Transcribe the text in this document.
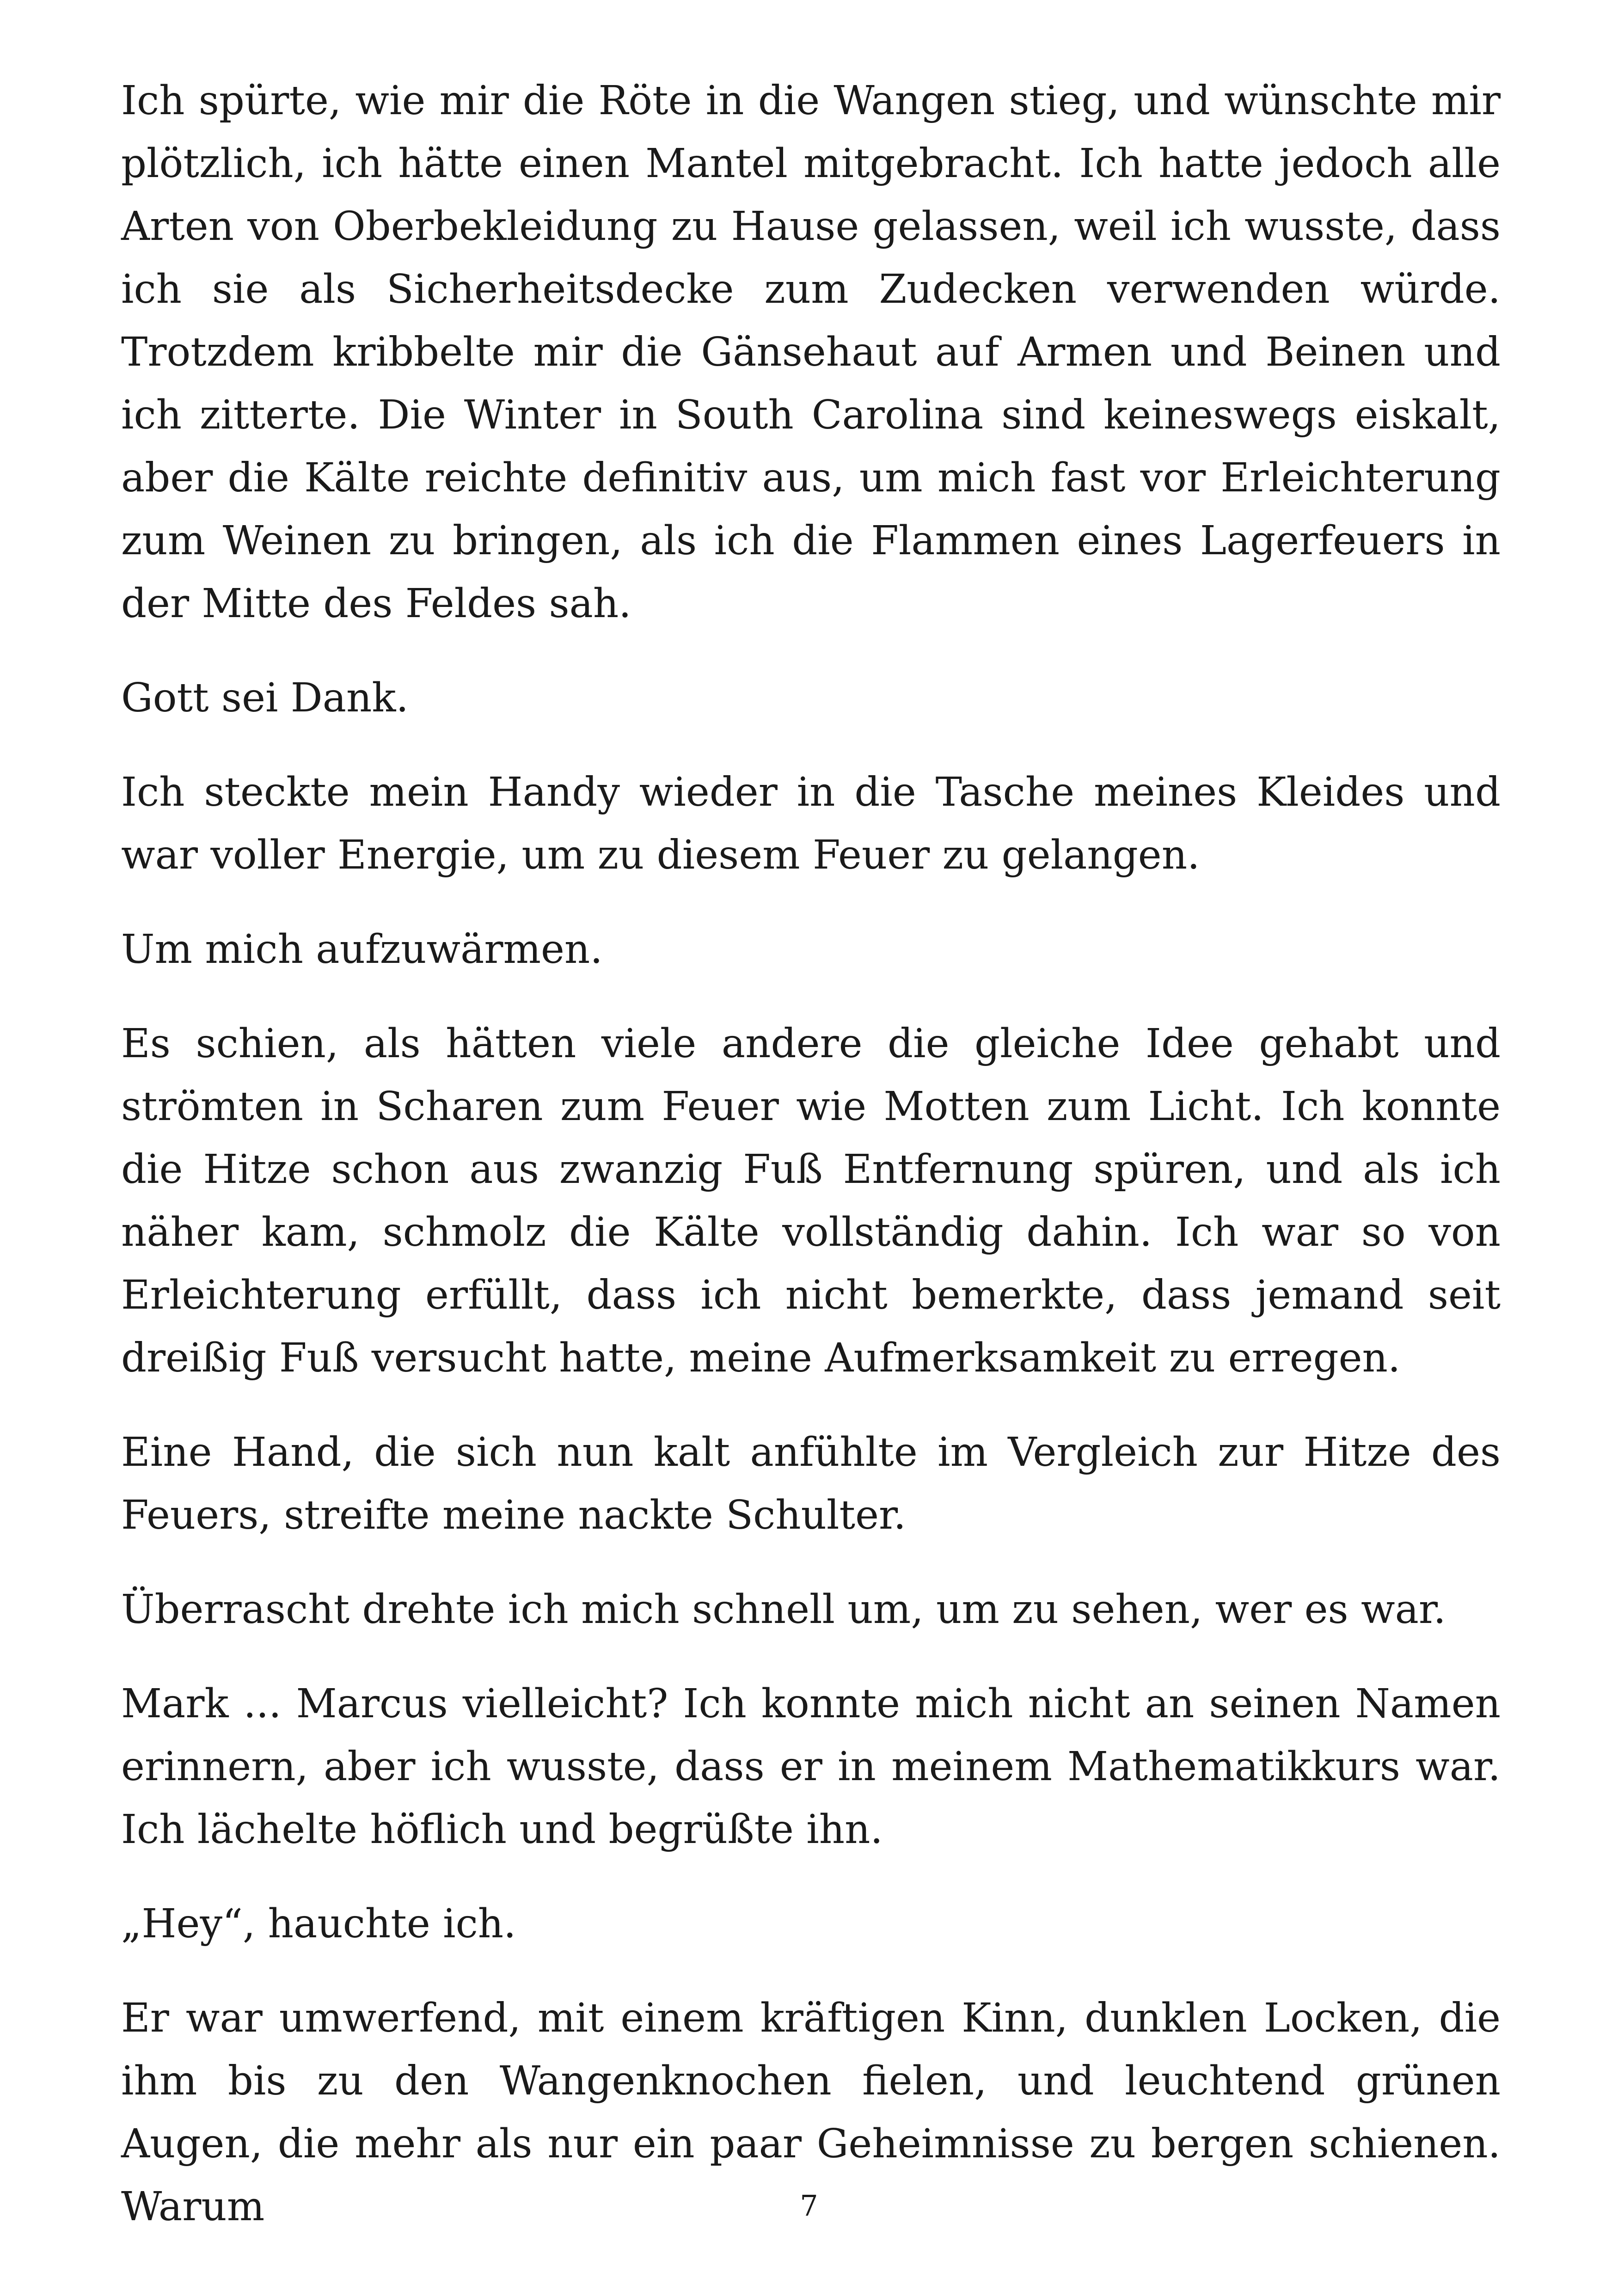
Ich spürte, wie mir die Röte in die Wangen stieg, und wünschte mir plötzlich, ich hätte einen Mantel mitgebracht. Ich hatte jedoch alle Arten von Oberbekleidung zu Hause gelassen, weil ich wusste, dass ich sie als Sicherheitsdecke zum Zudecken verwenden würde. Trotzdem kribbelte mir die Gänsehaut auf Armen und Beinen und ich zitterte. Die Winter in South Carolina sind keineswegs eiskalt, aber die Kälte reichte definitiv aus, um mich fast vor Erleichterung zum Weinen zu bringen, als ich die Flammen eines Lagerfeuers in der Mitte des Feldes sah.

Gott sei Dank.

Ich steckte mein Handy wieder in die Tasche meines Kleides und war voller Energie, um zu diesem Feuer zu gelangen.

Um mich aufzuwärmen.

Es schien, als hätten viele andere die gleiche Idee gehabt und strömten in Scharen zum Feuer wie Motten zum Licht. Ich konnte die Hitze schon aus zwanzig Fuß Entfernung spüren, und als ich näher kam, schmolz die Kälte vollständig dahin. Ich war so von Erleichterung erfüllt, dass ich nicht bemerkte, dass jemand seit dreißig Fuß versucht hatte, meine Aufmerksamkeit zu erregen.

Eine Hand, die sich nun kalt anfühlte im Vergleich zur Hitze des Feuers, streifte meine nackte Schulter.

Überrascht drehte ich mich schnell um, um zu sehen, wer es war.

Mark ... Marcus vielleicht? Ich konnte mich nicht an seinen Namen erinnern, aber ich wusste, dass er in meinem Mathematikkurs war. Ich lächelte höflich und begrüßte ihn.

„Hey“, hauchte ich.

Er war umwerfend, mit einem kräftigen Kinn, dunklen Locken, die ihm bis zu den Wangenknochen fielen, und leuchtend grünen Augen, die mehr als nur ein paar Geheimnisse zu bergen schienen. Warum	7
